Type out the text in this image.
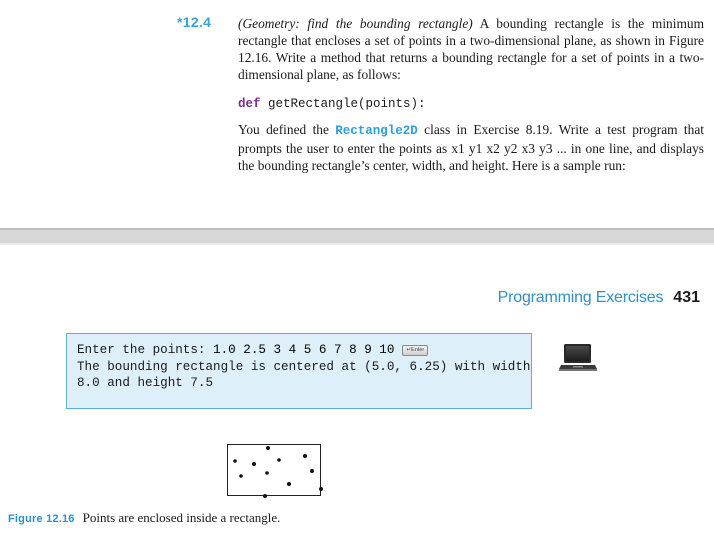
*12.4 (Geometry: find the bounding rectangle) A bounding rectangle is the minimum rectangle that encloses a set of points in a two-dimensional plane, as shown in Figure 12.16. Write a method that returns a bounding rectangle for a set of points in a two-dimensional plane, as follows:
def getRectangle(points):
You defined the Rectangle2D class in Exercise 8.19. Write a test program that prompts the user to enter the points as x1 y1 x2 y2 x3 y3 ... in one line, and displays the bounding rectangle’s center, width, and height. Here is a sample run:
Programming Exercises 431
Enter the points: 1.0 2.5 3 4 5 6 7 8 9 10 ↵Enter
The bounding rectangle is centered at (5.0, 6.25) with width
8.0 and height 7.5
Figure 12.16 Points are enclosed inside a rectangle.
